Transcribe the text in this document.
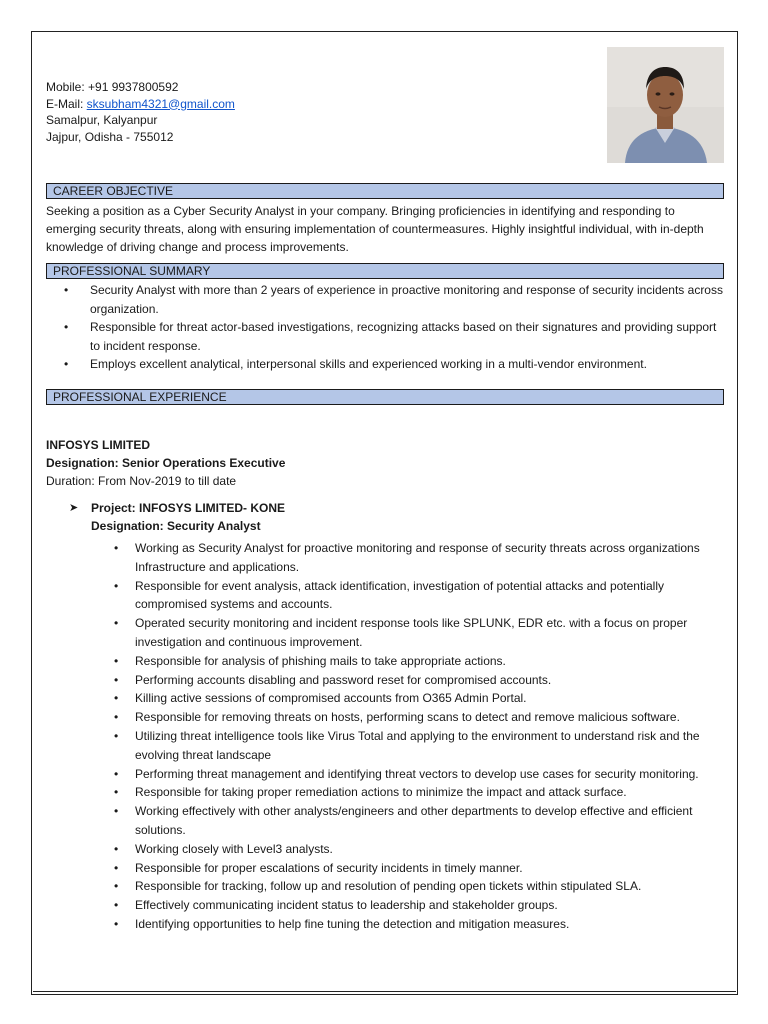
Mobile: +91 9937800592
E-Mail: sksubham4321@gmail.com
Samalpur, Kalyanpur
Jajpur, Odisha - 755012
CAREER OBJECTIVE
Seeking a position as a Cyber Security Analyst in your company. Bringing proficiencies in identifying and responding to emerging security threats, along with ensuring implementation of countermeasures. Highly insightful individual, with in-depth knowledge of driving change and process improvements.
PROFESSIONAL SUMMARY
• Security Analyst with more than 2 years of experience in proactive monitoring and response of security incidents across organization.
• Responsible for threat actor-based investigations, recognizing attacks based on their signatures and providing support to incident response.
• Employs excellent analytical, interpersonal skills and experienced working in a multi-vendor environment.
PROFESSIONAL EXPERIENCE
INFOSYS LIMITED
Designation: Senior Operations Executive
Duration: From Nov-2019 to till date
➤	Project: INFOSYS LIMITED- KONE
Designation: Security Analyst
• Working as Security Analyst for proactive monitoring and response of security threats across organizations Infrastructure and applications.
• Responsible for event analysis, attack identification, investigation of potential attacks and potentially compromised systems and accounts.
• Operated security monitoring and incident response tools like SPLUNK, EDR etc. with a focus on proper investigation and continuous improvement.
• Responsible for analysis of phishing mails to take appropriate actions.
• Performing accounts disabling and password reset for compromised accounts.
• Killing active sessions of compromised accounts from O365 Admin Portal.
• Responsible for removing threats on hosts, performing scans to detect and remove malicious software.
• Utilizing threat intelligence tools like Virus Total and applying to the environment to understand risk and the evolving threat landscape
• Performing threat management and identifying threat vectors to develop use cases for security monitoring.
• Responsible for taking proper remediation actions to minimize the impact and attack surface.
• Working effectively with other analysts/engineers and other departments to develop effective and efficient solutions.
• Working closely with Level3 analysts.
• Responsible for proper escalations of security incidents in timely manner.
• Responsible for tracking, follow up and resolution of pending open tickets within stipulated SLA.
• Effectively communicating incident status to leadership and stakeholder groups.
• Identifying opportunities to help fine tuning the detection and mitigation measures.
